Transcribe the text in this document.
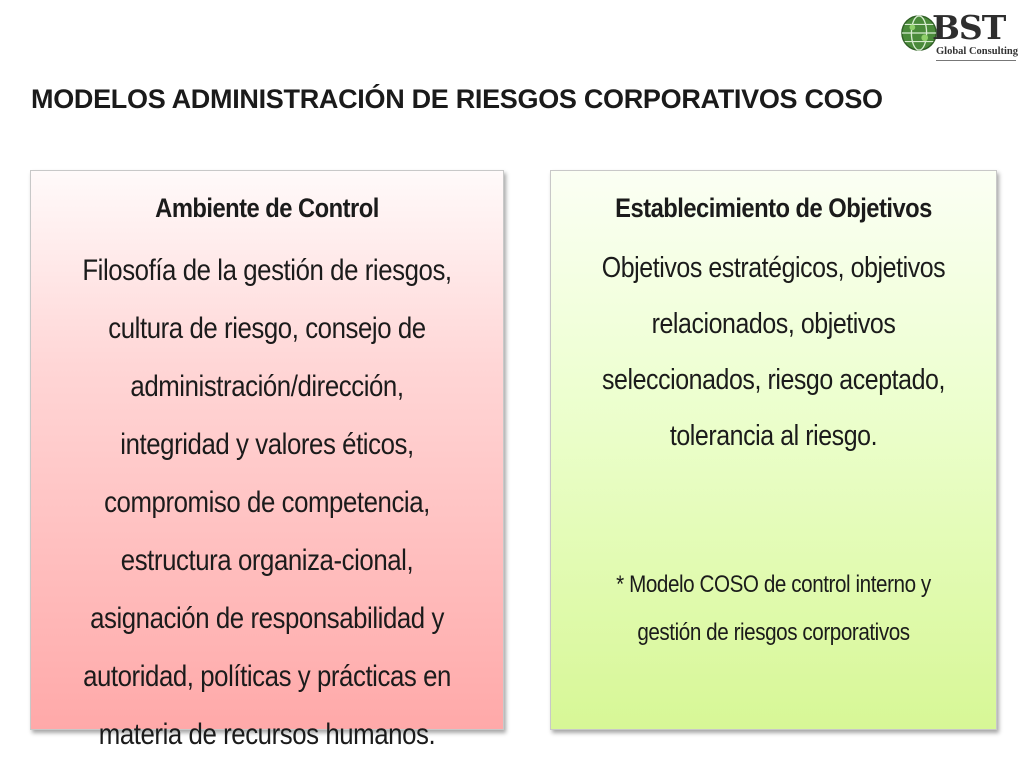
BST
Global Consulting
MODELOS ADMINISTRACIÓN DE RIESGOS CORPORATIVOS COSO
Ambiente de Control
Filosofía de la gestión de riesgos, cultura de riesgo, consejo de administración/dirección, integridad y valores éticos, compromiso de competencia, estructura organiza-cional, asignación de responsabilidad y autoridad, políticas y prácticas en materia de recursos humanos.
Establecimiento de Objetivos
Objetivos estratégicos, objetivos relacionados, objetivos seleccionados, riesgo aceptado, tolerancia al riesgo.
* Modelo COSO de control interno y gestión de riesgos corporativos
